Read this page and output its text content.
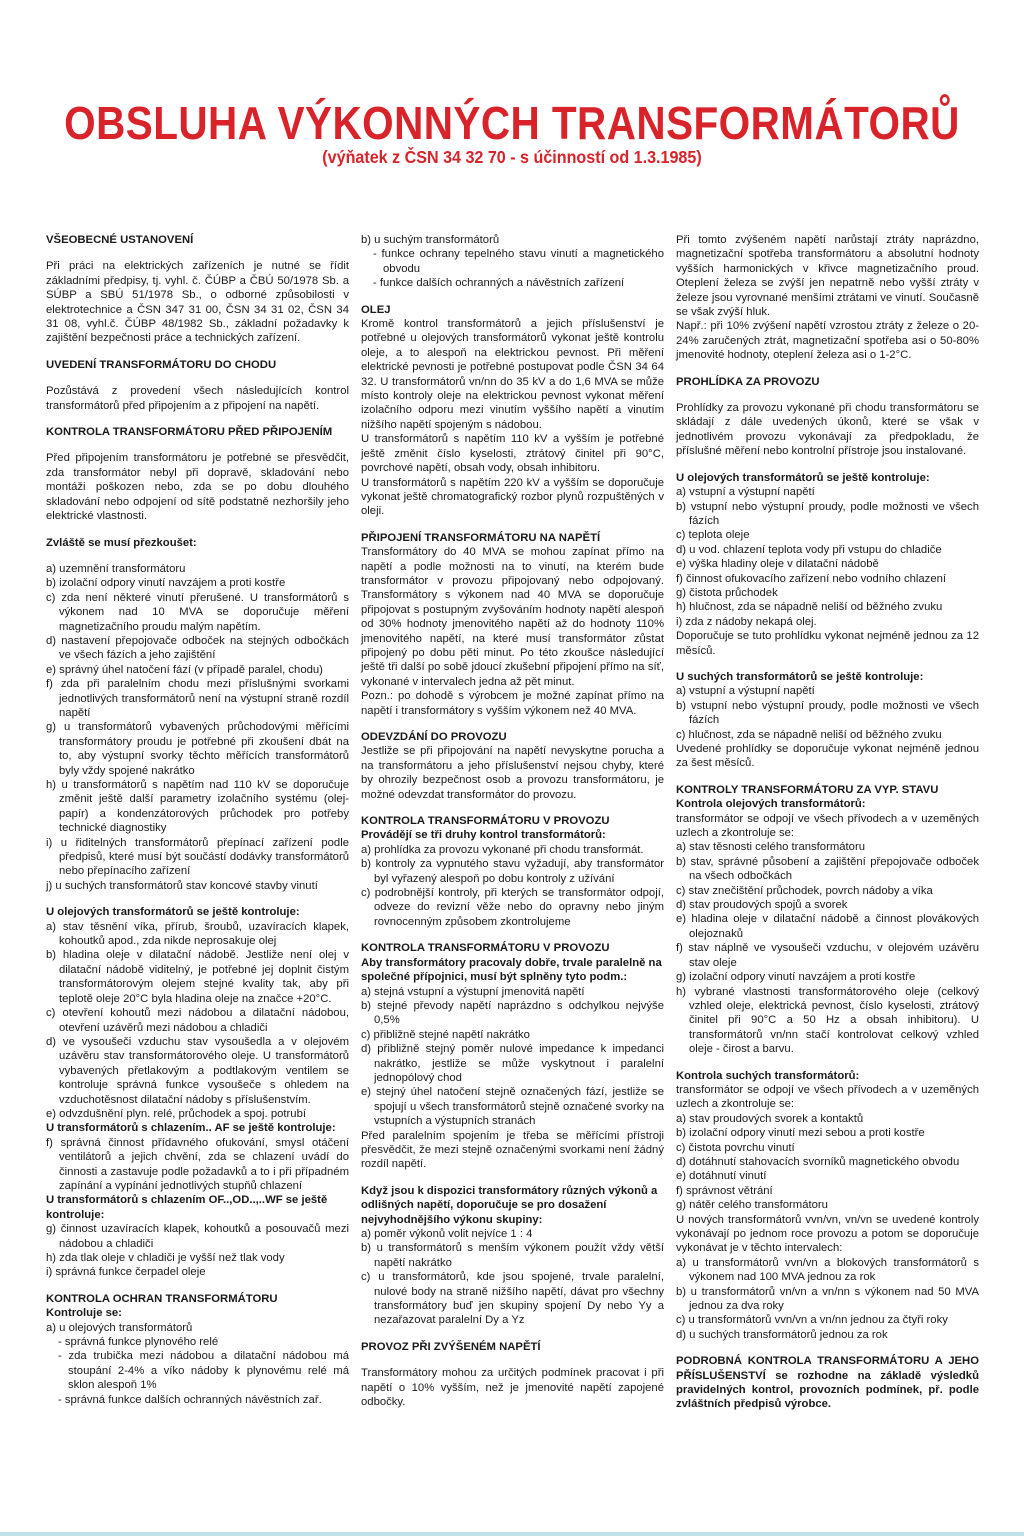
OBSLUHA VÝKONNÝCH TRANSFORMÁTORŮ
(výňatek z ČSN 34 32 70 - s účinností od 1.3.1985)
VŠEOBECNÉ USTANOVENÍ

Při práci na elektrických zařízeních je nutné se řídit základními předpisy, tj. vyhl. č. ČÚBP a ČBÚ 50/1978 Sb. a SÚBP a SBÚ 51/1978 Sb., o odborné způsobilosti v elektrotechnice a ČSN 347 31 00, ČSN 34 31 02, ČSN 34 31 08, vyhl.č. ČÚBP 48/1982 Sb., základní požadavky k zajištění bezpečnosti práce a technických zařízení.

UVEDENÍ TRANSFORMÁTORU DO CHODU

Pozůstává z provedení všech následujících kontrol transformátorů před připojením a z připojení na napětí.

KONTROLA TRANSFORMÁTORU PŘED PŘIPOJENÍM

Před připojením transformátoru je potřebné se přesvědčit, zda transformátor nebyl při dopravě, skladování nebo montáži poškozen nebo, zda se po dobu dlouhého skladování nebo odpojení od sítě podstatně nezhoršily jeho elektrické vlastnosti.

Zvláště se musí přezkoušet:

a) uzemnění transformátoru

b) izolační odpory vinutí navzájem a proti kostře

c) zda není některé vinutí přerušené. U transformátorů s výkonem nad 10 MVA se doporučuje měření magnetizačního proudu malým napětím.

d) nastavení přepojovače odboček na stejných odbočkách ve všech fázích a jeho zajištění

e) správný úhel natočení fází (v případě paralel, chodu)

f) zda při paralelním chodu mezi příslušnými svorkami jednotlivých transformátorů není na výstupní straně rozdíl napětí

g) u transformátorů vybavených průchodovými měřícími transformátory proudu je potřebné při zkoušení dbát na to, aby výstupní svorky těchto měřících transformátorů byly vždy spojené nakrátko

h) u transformátorů s napětím nad 110 kV se doporučuje změnit ještě další parametry izolačního systému (olej-papír) a kondenzátorových průchodek pro potřeby technické diagnostiky

i) u řiditelných transformátorů přepínací zařízení podle předpisů, které musí být součástí dodávky transformátorů nebo přepínacího zařízení

j) u suchých transformátorů stav koncové stavby vinutí

U olejových transformátorů se ještě kontroluje:

a) stav těsnění víka, přírub, šroubů, uzavíracích klapek, kohoutků apod., zda nikde neprosakuje olej

b) hladina oleje v dilatační nádobě. Jestliže není olej v dilatační nádobě viditelný, je potřebné jej doplnit čistým transformátorovým olejem stejné kvality tak, aby při teplotě oleje 20°C byla hladina oleje na značce +20°C.

c) otevření kohoutů mezi nádobou a dilatační nádobou, otevření uzávěrů mezi nádobou a chladiči

d) ve vysoušeči vzduchu stav vysoušedla a v olejovém uzávěru stav transformátorového oleje. U transformátorů vybavených přetlakovým a podtlakovým ventilem se kontroluje správná funkce vysoušeče s ohledem na vzduchotěsnost dilatační nádoby s příslušenstvím.

e) odvzdušnění plyn. relé, průchodek a spoj. potrubí

U transformátorů s chlazením.. AF se ještě kontroluje:

f) správná činnost přídavného ofukování, smysl otáčení ventilátorů a jejich chvění, zda se chlazení uvádí do činnosti a zastavuje podle požadavků a to i při případném zapínání a vypínání jednotlivých stupňů chlazení

U transformátorů s chlazením OF..,OD..,..WF se ještě kontroluje:

g) činnost uzavíracích klapek, kohoutků a posouvačů mezi nádobou a chladiči

h) zda tlak oleje v chladiči je vyšší než tlak vody

i) správná funkce čerpadel oleje

KONTROLA OCHRAN TRANSFORMÁTORU
Kontroluje se:

a) u olejových transformátorů

- správná funkce plynového relé

- zda trubička mezi nádobou a dilatační nádobou má stoupání 2-4% a víko nádoby k plynovému relé má sklon alespoň 1%

- správná funkce dalších ochranných návěstních zař.

b) u suchým transformátorů

- funkce ochrany tepelného stavu vinutí a magnetického obvodu

- funkce dalších ochranných a návěstních zařízení

OLEJ

Kromě kontrol transformátorů a jejich příslušenství je potřebné u olejových transformátorů vykonat ještě kontrolu oleje, a to alespoň na elektrickou pevnost. Při měření elektrické pevnosti je potřebné postupovat podle ČSN 34 64 32. U transformátorů vn/nn do 35 kV a do 1,6 MVA se může místo kontroly oleje na elektrickou pevnost vykonat měření izolačního odporu mezi vinutím vyššího napětí a vinutím nižšího napětí spojeným s nádobou.

U transformátorů s napětím 110 kV a vyšším je potřebné ještě změnit číslo kyselosti, ztrátový činitel při 90°C, povrchové napětí, obsah vody, obsah inhibitoru.

U transformátorů s napětím 220 kV a vyšším se doporučuje vykonat ještě chromatografický rozbor plynů rozpuštěných v oleji.

PŘIPOJENÍ TRANSFORMÁTORU NA NAPĚTÍ

Transformátory do 40 MVA se mohou zapínat přímo na napětí a podle možnosti na to vinutí, na kterém bude transformátor v provozu připojovaný nebo odpojovaný. Transformátory s výkonem nad 40 MVA se doporučuje připojovat s postupným zvyšováním hodnoty napětí alespoň od 30% hodnoty jmenovitého napětí až do hodnoty 110% jmenovitého napětí, na které musí transformátor zůstat připojený po dobu pěti minut. Po této zkoušce následující ještě tři další po sobě jdoucí zkušební připojení přímo na síť, vykonané v intervalech jedna až pět minut.

Pozn.: po dohodě s výrobcem je možné zapínat přímo na napětí i transformátory s vyšším výkonem než 40 MVA.

ODEVZDÁNÍ DO PROVOZU

Jestliže se při připojování na napětí nevyskytne porucha a na transformátoru a jeho příslušenství nejsou chyby, které by ohrozily bezpečnost osob a provozu transformátoru, je možné odevzdat transformátor do provozu.

KONTROLA TRANSFORMÁTORU V PROVOZU
Provádějí se tři druhy kontrol transformátorů:

a) prohlídka za provozu vykonané při chodu transformát.

b) kontroly za vypnutého stavu vyžadují, aby transformátor byl vyřazený alespoň po dobu kontroly z užívání

c) podrobnější kontroly, při kterých se transformátor odpojí, odveze do revizní věže nebo do opravny nebo jiným rovnocenným způsobem zkontrolujeme

KONTROLA TRANSFORMÁTORU V PROVOZU
Aby transformátory pracovaly dobře, trvale paralelně na společné přípojnici, musí být splněny tyto podm.:

a) stejná vstupní a výstupní jmenovitá napětí

b) stejné převody napětí naprázdno s odchylkou nejvýše 0,5%

c) přibližně stejné napětí nakrátko

d) přibližně stejný poměr nulové impedance k impedanci nakrátko, jestliže se může vyskytnout i paralelní jednopólový chod

e) stejný úhel natočení stejně označených fází, jestliže se spojují u všech transformátorů stejně označené svorky na vstupních a výstupních stranách

Před paralelním spojením je třeba se měřícími přístroji přesvědčit, že mezi stejně označenými svorkami není žádný rozdíl napětí.

Když jsou k dispozici transformátory různých výkonů a odlišných napětí, doporučuje se pro dosažení nejvyhodnějšího výkonu skupiny:

a) poměr výkonů volit nejvíce 1 : 4

b) u transformátorů s menším výkonem použít vždy větší napětí nakrátko

c) u transformátorů, kde jsou spojené, trvale paralelní, nulové body na straně nižšího napětí, dávat pro všechny transformátory buď jen skupiny spojení Dy nebo Yy a nezařazovat paralelní Dy a Yz

PROVOZ PŘI ZVÝŠENÉM NAPĚTÍ

Transformátory mohou za určitých podmínek pracovat i při napětí o 10% vyšším, než je jmenovité napětí zapojené odbočky.

Při tomto zvýšeném napětí narůstají ztráty naprázdno, magnetizační spotřeba transformátoru a absolutní hodnoty vyšších harmonických v křivce magnetizačního proud. Oteplení železa se zvýší jen nepatrně nebo vyšší ztráty v železe jsou vyrovnané menšími ztrátami ve vinutí. Současně se však zvýší hluk.

Např.: při 10% zvýšení napětí vzrostou ztráty z železe o 20-24% zaručených ztrát, magnetizační spotřeba asi o 50-80% jmenovité hodnoty, oteplení železa asi o 1-2°C.

PROHLÍDKA ZA PROVOZU

Prohlídky za provozu vykonané při chodu transformátoru se skládají z dále uvedených úkonů, které se však v jednotlivém provozu vykonávají za předpokladu, že příslušné měření nebo kontrolní přístroje jsou instalované.

U olejových transformátorů se ještě kontroluje:

a) vstupní a výstupní napětí

b) vstupní nebo výstupní proudy, podle možnosti ve všech fázích

c) teplota oleje

d) u vod. chlazení teplota vody při vstupu do chladiče

e) výška hladiny oleje v dilatační nádobě

f) činnost ofukovacího zařízení nebo vodního chlazení

g) čistota průchodek

h) hlučnost, zda se nápadně neliší od běžného zvuku

i) zda z nádoby nekapá olej.

Doporučuje se tuto prohlídku vykonat nejméně jednou za 12 měsíců.

U suchých transformátorů se ještě kontroluje:

a) vstupní a výstupní napětí

b) vstupní nebo výstupní proudy, podle možnosti ve všech fázích

c) hlučnost, zda se nápadně neliší od běžného zvuku

Uvedené prohlídky se doporučuje vykonat nejméně jednou za šest měsíců.

KONTROLY TRANSFORMÁTORU ZA VYP. STAVU
Kontrola olejových transformátorů:

transformátor se odpojí ve všech přívodech a v uzeměných uzlech a zkontroluje se:

a) stav těsnosti celého transformátoru

b) stav, správné působení a zajištění přepojovače odboček na všech odbočkách

c) stav znečištění průchodek, povrch nádoby a víka

d) stav proudových spojů a svorek

e) hladina oleje v dilatační nádobě a činnost plovákových olejoznaků

f) stav náplně ve vysoušeči vzduchu, v olejovém uzávěru stav oleje

g) izolační odpory vinutí navzájem a proti kostře

h) vybrané vlastnosti transformátorového oleje (celkový vzhled oleje, elektrická pevnost, číslo kyselosti, ztrátový činitel při 90°C a 50 Hz a obsah inhibitoru). U transformátorů vn/nn stačí kontrolovat celkový vzhled oleje - čirost a barvu.

Kontrola suchých transformátorů:

transformátor se odpojí ve všech přívodech a v uzeměných uzlech a zkontroluje se:

a) stav proudových svorek a kontaktů

b) izolační odpory vinutí mezi sebou a proti kostře

c) čistota povrchu vinutí

d) dotáhnutí stahovacích svorníků magnetického obvodu

e) dotáhnutí vinutí

f) správnost větrání

g) nátěr celého transformátoru

U nových transformátorů vvn/vn, vn/vn se uvedené kontroly vykonávají po jednom roce provozu a potom se doporučuje vykonávat je v těchto intervalech:

a) u transformátorů vvn/vn a blokových transformátorů s výkonem nad 100 MVA jednou za rok

b) u transformátorů vn/vn a vn/nn s výkonem nad 50 MVA jednou za dva roky

c) u transformátorů vvn/vn a vn/nn jednou za čtyři roky

d) u suchých transformátorů jednou za rok

PODROBNÁ KONTROLA TRANSFORMÁTORU A JEHO PŘÍSLUŠENSTVÍ se rozhodne na základě výsledků pravidelných kontrol, provozních podmínek, př. podle zvláštních předpisů výrobce.
